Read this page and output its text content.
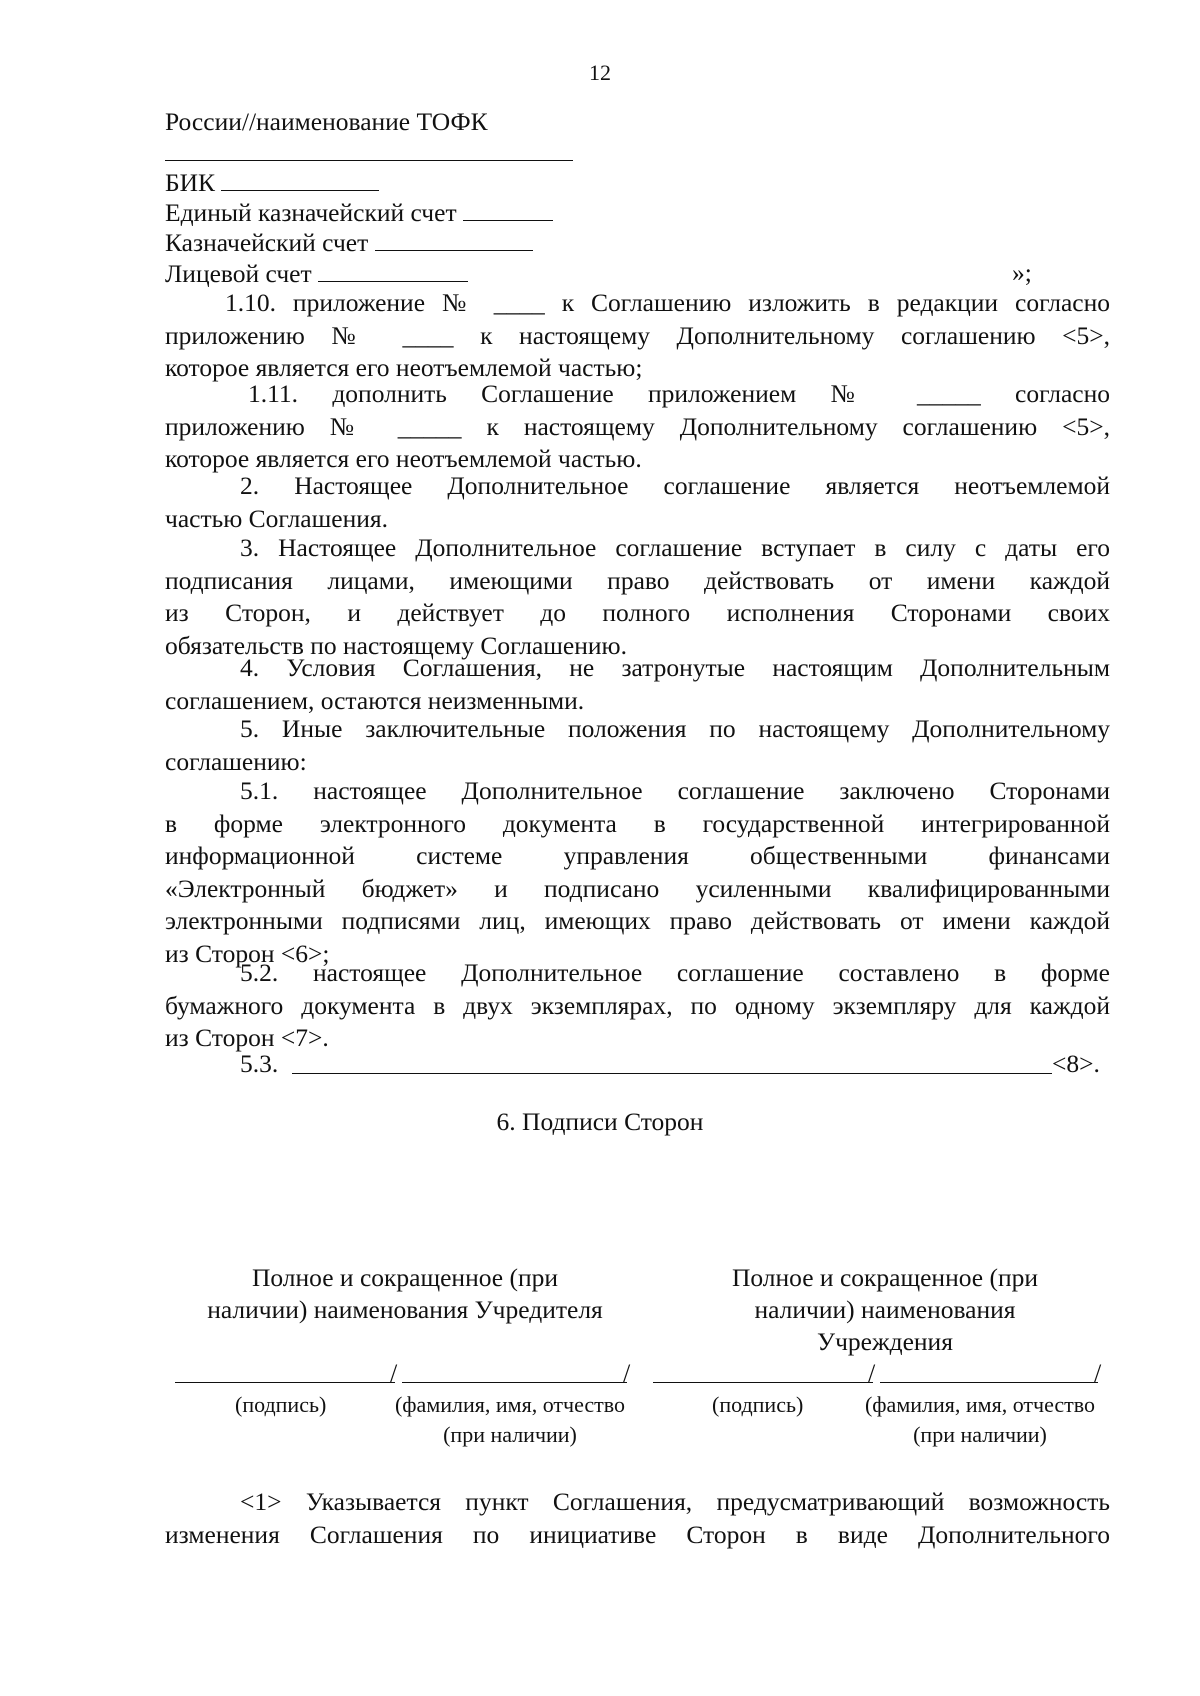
12
России//наименование ТОФК
БИК
Единый казначейский счет
Казначейский счет
Лицевой счет	»;
1.10. приложение № ____ к Соглашению изложить в редакции согласно
приложению № ____ к настоящему Дополнительному соглашению <5>,
которое является его неотъемлемой частью;
1.11. дополнить Соглашение приложением № _____ согласно
приложению № _____ к настоящему Дополнительному соглашению <5>,
которое является его неотъемлемой частью.
2. Настоящее Дополнительное соглашение является неотъемлемой
частью Соглашения.
3. Настоящее Дополнительное соглашение вступает в силу с даты его
подписания лицами, имеющими право действовать от имени каждой
из Сторон, и действует до полного исполнения Сторонами своих
обязательств по настоящему Соглашению.
4. Условия Соглашения, не затронутые настоящим Дополнительным
соглашением, остаются неизменными.
5. Иные заключительные положения по настоящему Дополнительному
соглашению:
5.1. настоящее Дополнительное соглашение заключено Сторонами
в форме электронного документа в государственной интегрированной
информационной системе управления общественными финансами
«Электронный бюджет» и подписано усиленными квалифицированными
электронными подписями лиц, имеющих право действовать от имени каждой
из Сторон <6>;
5.2. настоящее Дополнительное соглашение составлено в форме
бумажного документа в двух экземплярах, по одному экземпляру для каждой
из Сторон <7>.
5.3.	<8>.
6. Подписи Сторон
Полное и сокращенное (при
наличии) наименования Учредителя
Полное и сокращенное (при
наличии) наименования
Учреждения
/	/	/	/
(подпись)	(фамилия, имя, отчество
(при наличии)
(подпись)	(фамилия, имя, отчество
(при наличии)
<1> Указывается пункт Соглашения, предусматривающий возможность
изменения Соглашения по инициативе Сторон в виде Дополнительного
